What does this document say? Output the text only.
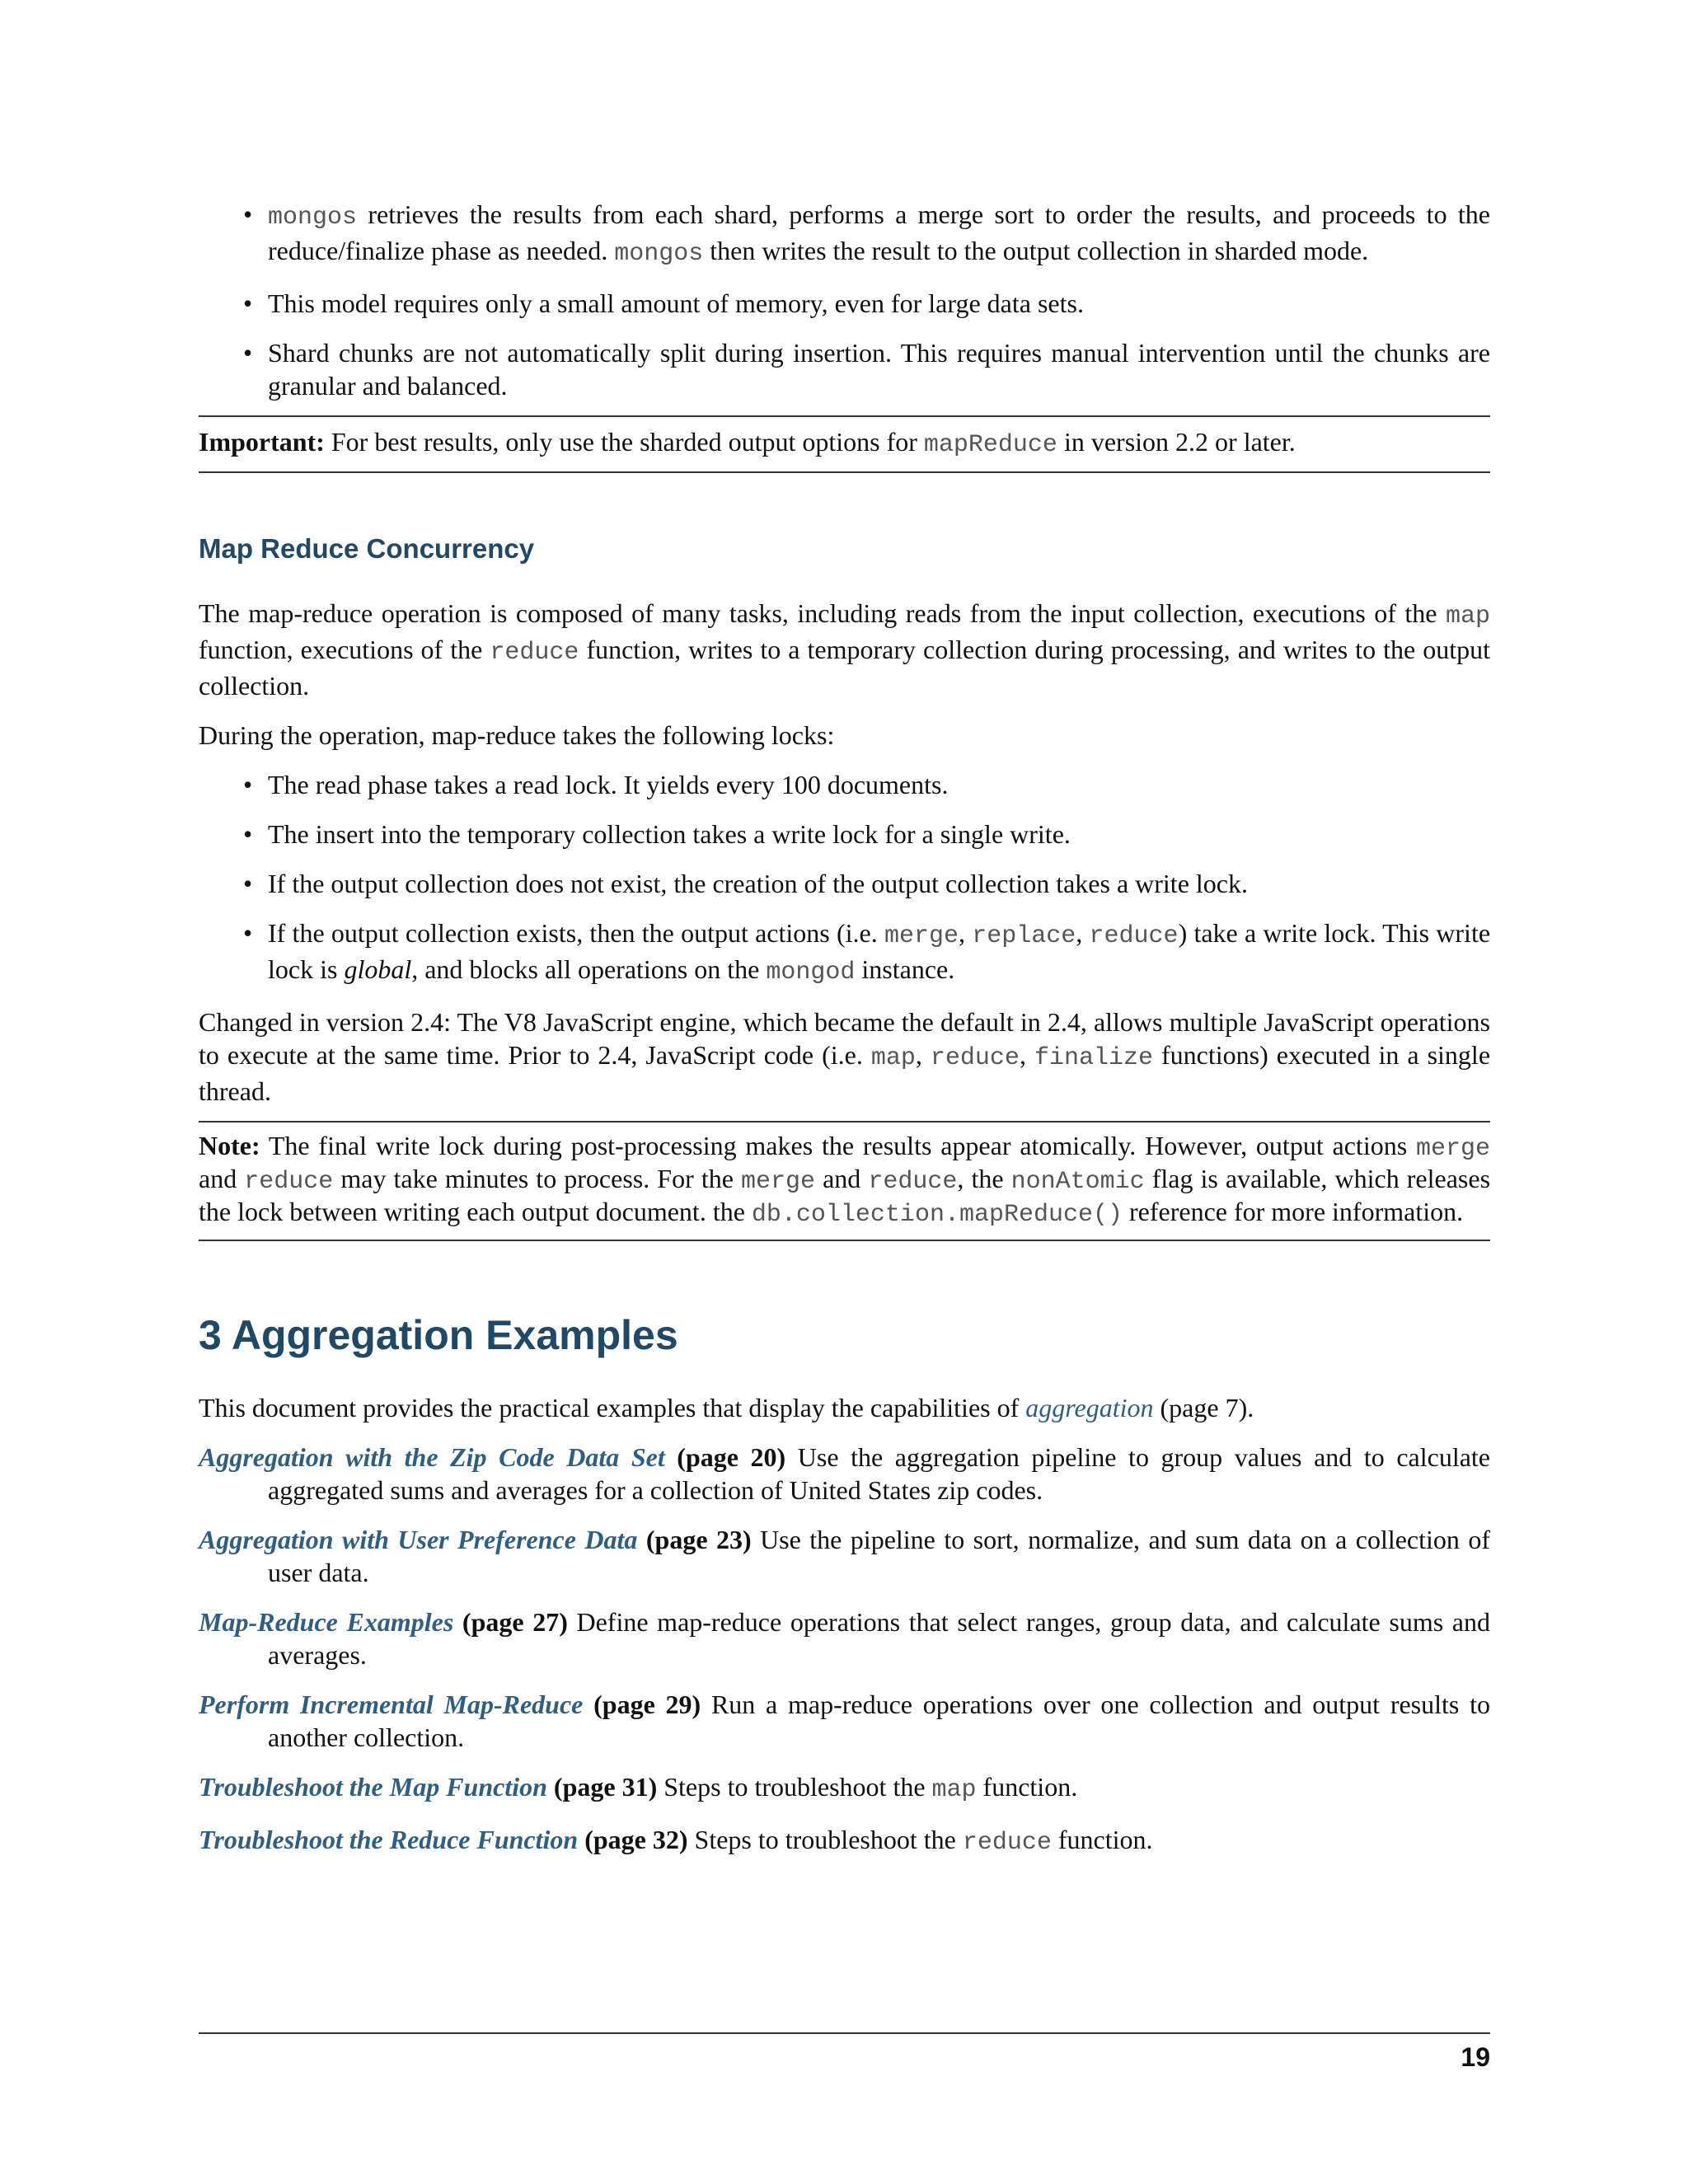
• mongos retrieves the results from each shard, performs a merge sort to order the results, and proceeds to the reduce/finalize phase as needed. mongos then writes the result to the output collection in sharded mode.
• This model requires only a small amount of memory, even for large data sets.
• Shard chunks are not automatically split during insertion. This requires manual intervention until the chunks are granular and balanced.
Important: For best results, only use the sharded output options for mapReduce in version 2.2 or later.
Map Reduce Concurrency

The map-reduce operation is composed of many tasks, including reads from the input collection, executions of the map function, executions of the reduce function, writes to a temporary collection during processing, and writes to the output collection.

During the operation, map-reduce takes the following locks:

• The read phase takes a read lock. It yields every 100 documents.
• The insert into the temporary collection takes a write lock for a single write.
• If the output collection does not exist, the creation of the output collection takes a write lock.
• If the output collection exists, then the output actions (i.e. merge, replace, reduce) take a write lock. This write lock is global, and blocks all operations on the mongod instance.

Changed in version 2.4: The V8 JavaScript engine, which became the default in 2.4, allows multiple JavaScript operations to execute at the same time. Prior to 2.4, JavaScript code (i.e. map, reduce, finalize functions) executed in a single thread.

Note: The final write lock during post-processing makes the results appear atomically. However, output actions merge and reduce may take minutes to process. For the merge and reduce, the nonAtomic flag is available, which releases the lock between writing each output document. the db.collection.mapReduce() reference for more information.
3 Aggregation Examples

This document provides the practical examples that display the capabilities of aggregation (page 7).

Aggregation with the Zip Code Data Set (page 20) Use the aggregation pipeline to group values and to calculate aggregated sums and averages for a collection of United States zip codes.
Aggregation with User Preference Data (page 23) Use the pipeline to sort, normalize, and sum data on a collection of user data.
Map-Reduce Examples (page 27) Define map-reduce operations that select ranges, group data, and calculate sums and averages.
Perform Incremental Map-Reduce (page 29) Run a map-reduce operations over one collection and output results to another collection.
Troubleshoot the Map Function (page 31) Steps to troubleshoot the map function.
Troubleshoot the Reduce Function (page 32) Steps to troubleshoot the reduce function.
19
